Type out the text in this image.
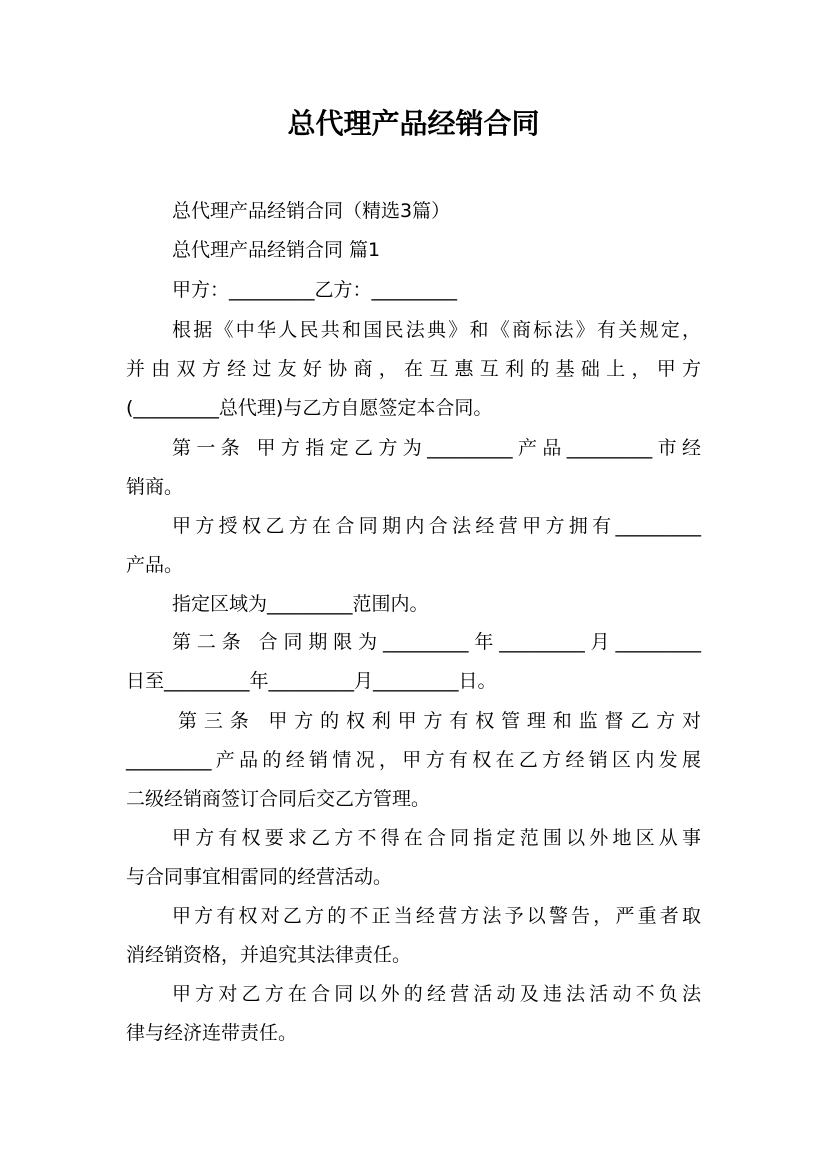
总代理产品经销合同
总代理产品经销合同（精选3篇）
总代理产品经销合同 篇1
甲方：_________乙方：_________
根据《中华人民共和国民法典》和《商标法》有关规定，
并由双方经过友好协商，在互惠互利的基础上，甲方
(_________总代理)与乙方自愿签定本合同。
第一条 甲方指定乙方为_________产品_________市经
销商。
甲方授权乙方在合同期内合法经营甲方拥有_________
产品。
指定区域为_________范围内。
第二条 合同期限为_________年_________月_________
日至_________年_________月_________日。
第三条 甲方的权利甲方有权管理和监督乙方对
_________产品的经销情况，甲方有权在乙方经销区内发展
二级经销商签订合同后交乙方管理。
甲方有权要求乙方不得在合同指定范围以外地区从事
与合同事宜相雷同的经营活动。
甲方有权对乙方的不正当经营方法予以警告，严重者取
消经销资格，并追究其法律责任。
甲方对乙方在合同以外的经营活动及违法活动不负法
律与经济连带责任。
